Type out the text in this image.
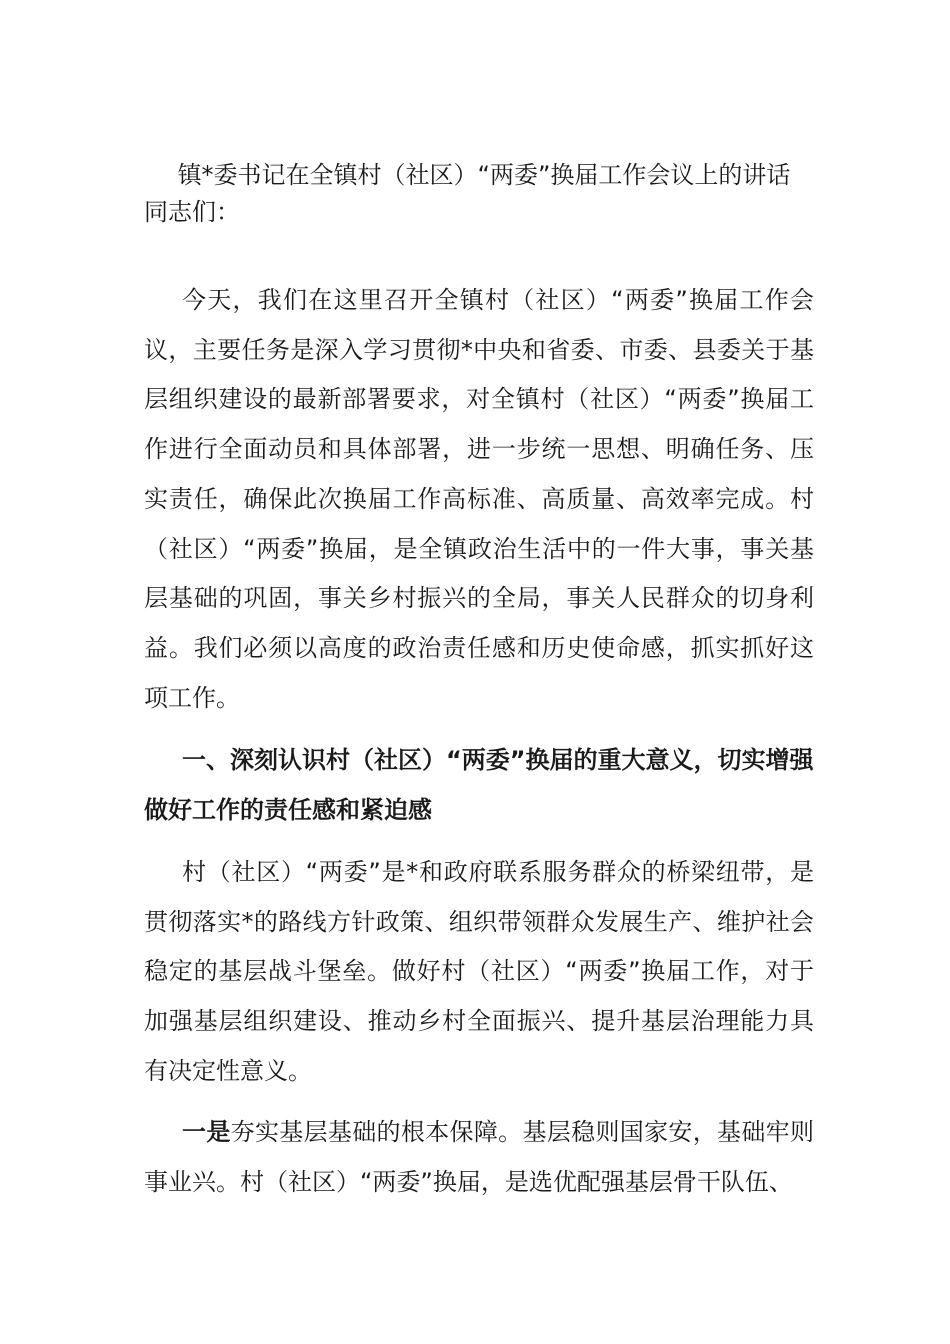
镇*委书记在全镇村（社区）“两委”换届工作会议上的讲话

同志们：

今天，我们在这里召开全镇村（社区）“两委”换届工作会议，主要任务是深入学习贯彻*中央和省委、市委、县委关于基层组织建设的最新部署要求，对全镇村（社区）“两委”换届工作进行全面动员和具体部署，进一步统一思想、明确任务、压实责任，确保此次换届工作高标准、高质量、高效率完成。村（社区）“两委”换届，是全镇政治生活中的一件大事，事关基层基础的巩固，事关乡村振兴的全局，事关人民群众的切身利益。我们必须以高度的政治责任感和历史使命感，抓实抓好这项工作。

一、深刻认识村（社区）“两委”换届的重大意义，切实增强做好工作的责任感和紧迫感

村（社区）“两委”是*和政府联系服务群众的桥梁纽带，是贯彻落实*的路线方针政策、组织带领群众发展生产、维护社会稳定的基层战斗堡垒。做好村（社区）“两委”换届工作，对于加强基层组织建设、推动乡村全面振兴、提升基层治理能力具有决定性意义。

一是夯实基层基础的根本保障。基层稳则国家安，基础牢则事业兴。村（社区）“两委”换届，是选优配强基层骨干队伍、
